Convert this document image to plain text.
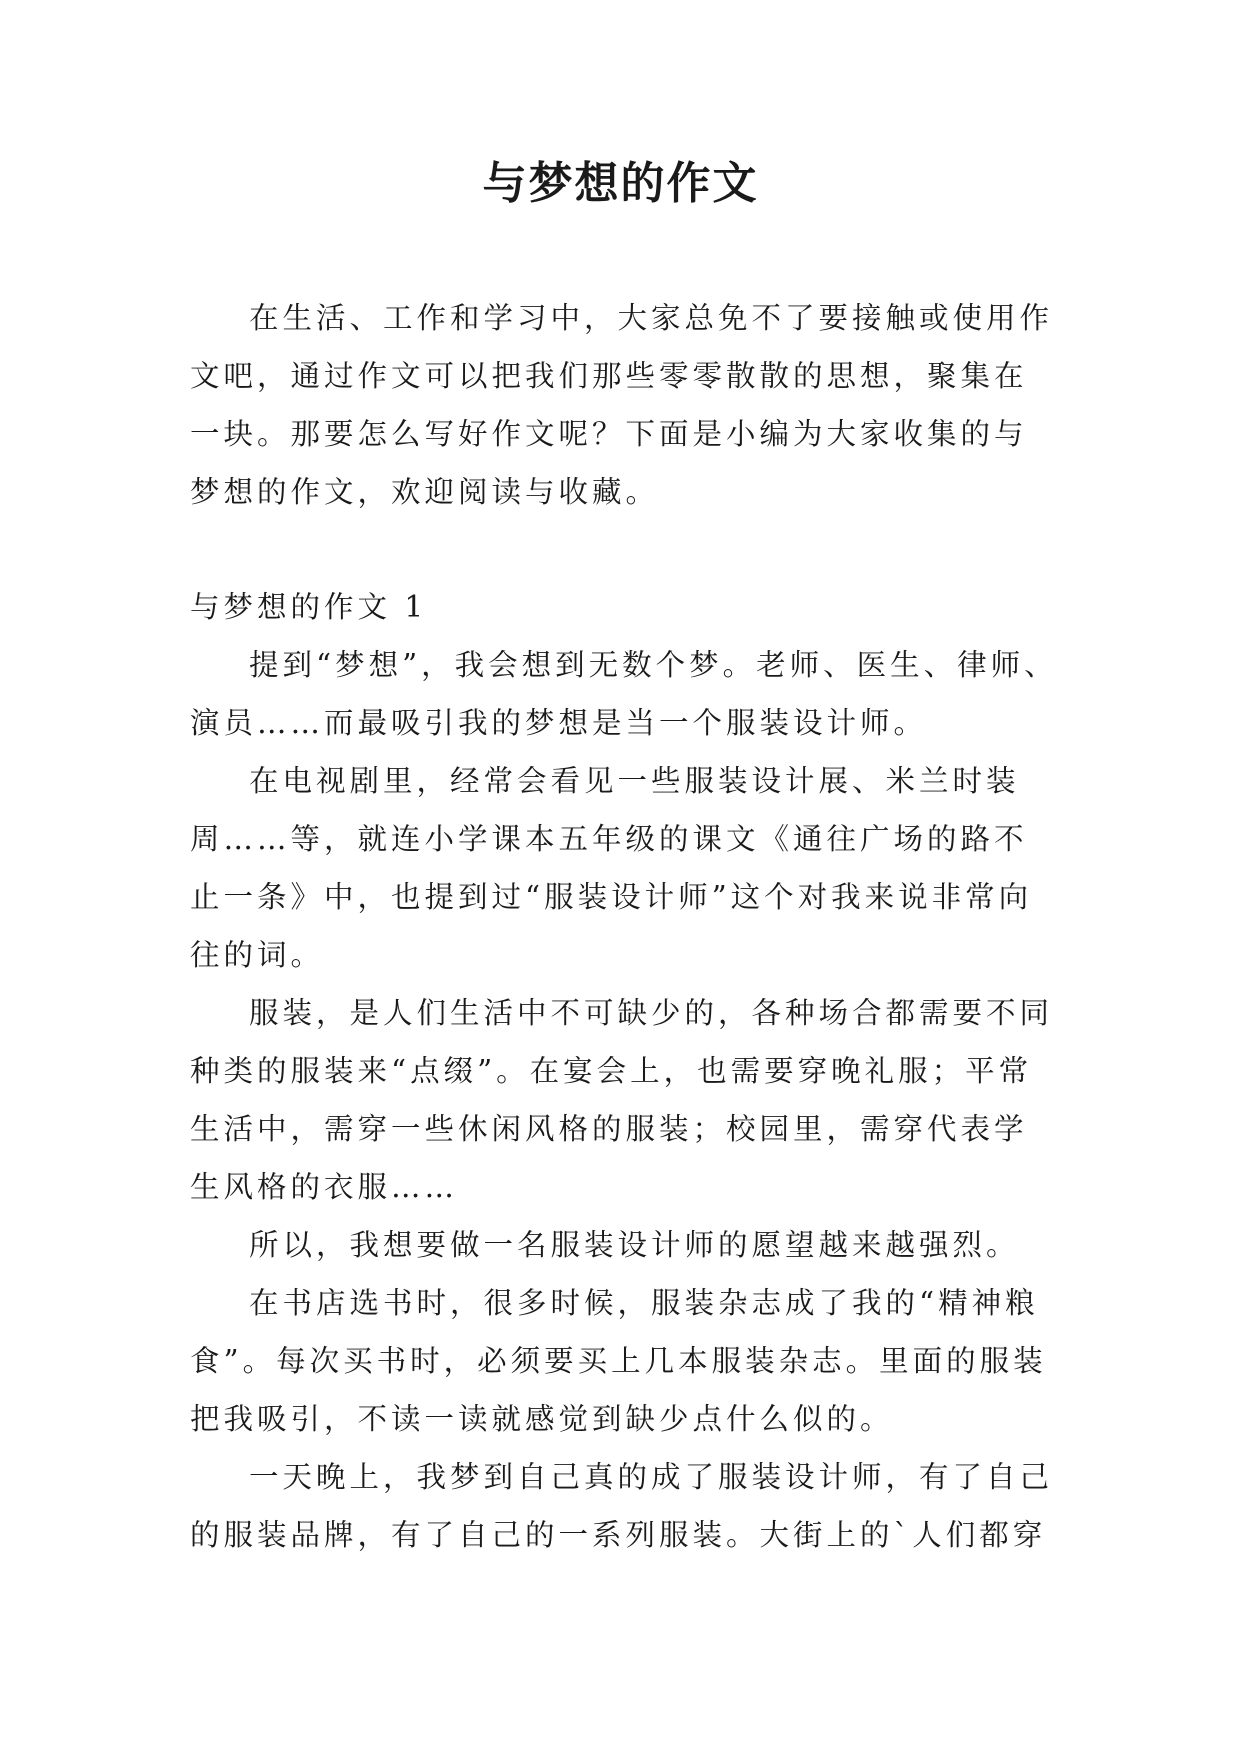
与梦想的作文

在生活、工作和学习中，大家总免不了要接触或使用作文吧，通过作文可以把我们那些零零散散的思想，聚集在一块。那要怎么写好作文呢？下面是小编为大家收集的与梦想的作文，欢迎阅读与收藏。

与梦想的作文 1

提到“梦想”，我会想到无数个梦。老师、医生、律师、演员……而最吸引我的梦想是当一个服装设计师。

在电视剧里，经常会看见一些服装设计展、米兰时装周……等，就连小学课本五年级的课文《通往广场的路不止一条》中，也提到过“服装设计师”这个对我来说非常向往的词。

服装，是人们生活中不可缺少的，各种场合都需要不同种类的服装来“点缀”。在宴会上，也需要穿晚礼服；平常生活中，需穿一些休闲风格的服装；校园里，需穿代表学生风格的衣服……

所以，我想要做一名服装设计师的愿望越来越强烈。

在书店选书时，很多时候，服装杂志成了我的“精神粮食”。每次买书时，必须要买上几本服装杂志。里面的服装把我吸引，不读一读就感觉到缺少点什么似的。

一天晚上，我梦到自己真的成了服装设计师，有了自己的服装品牌，有了自己的一系列服装。大街上的`人们都穿
